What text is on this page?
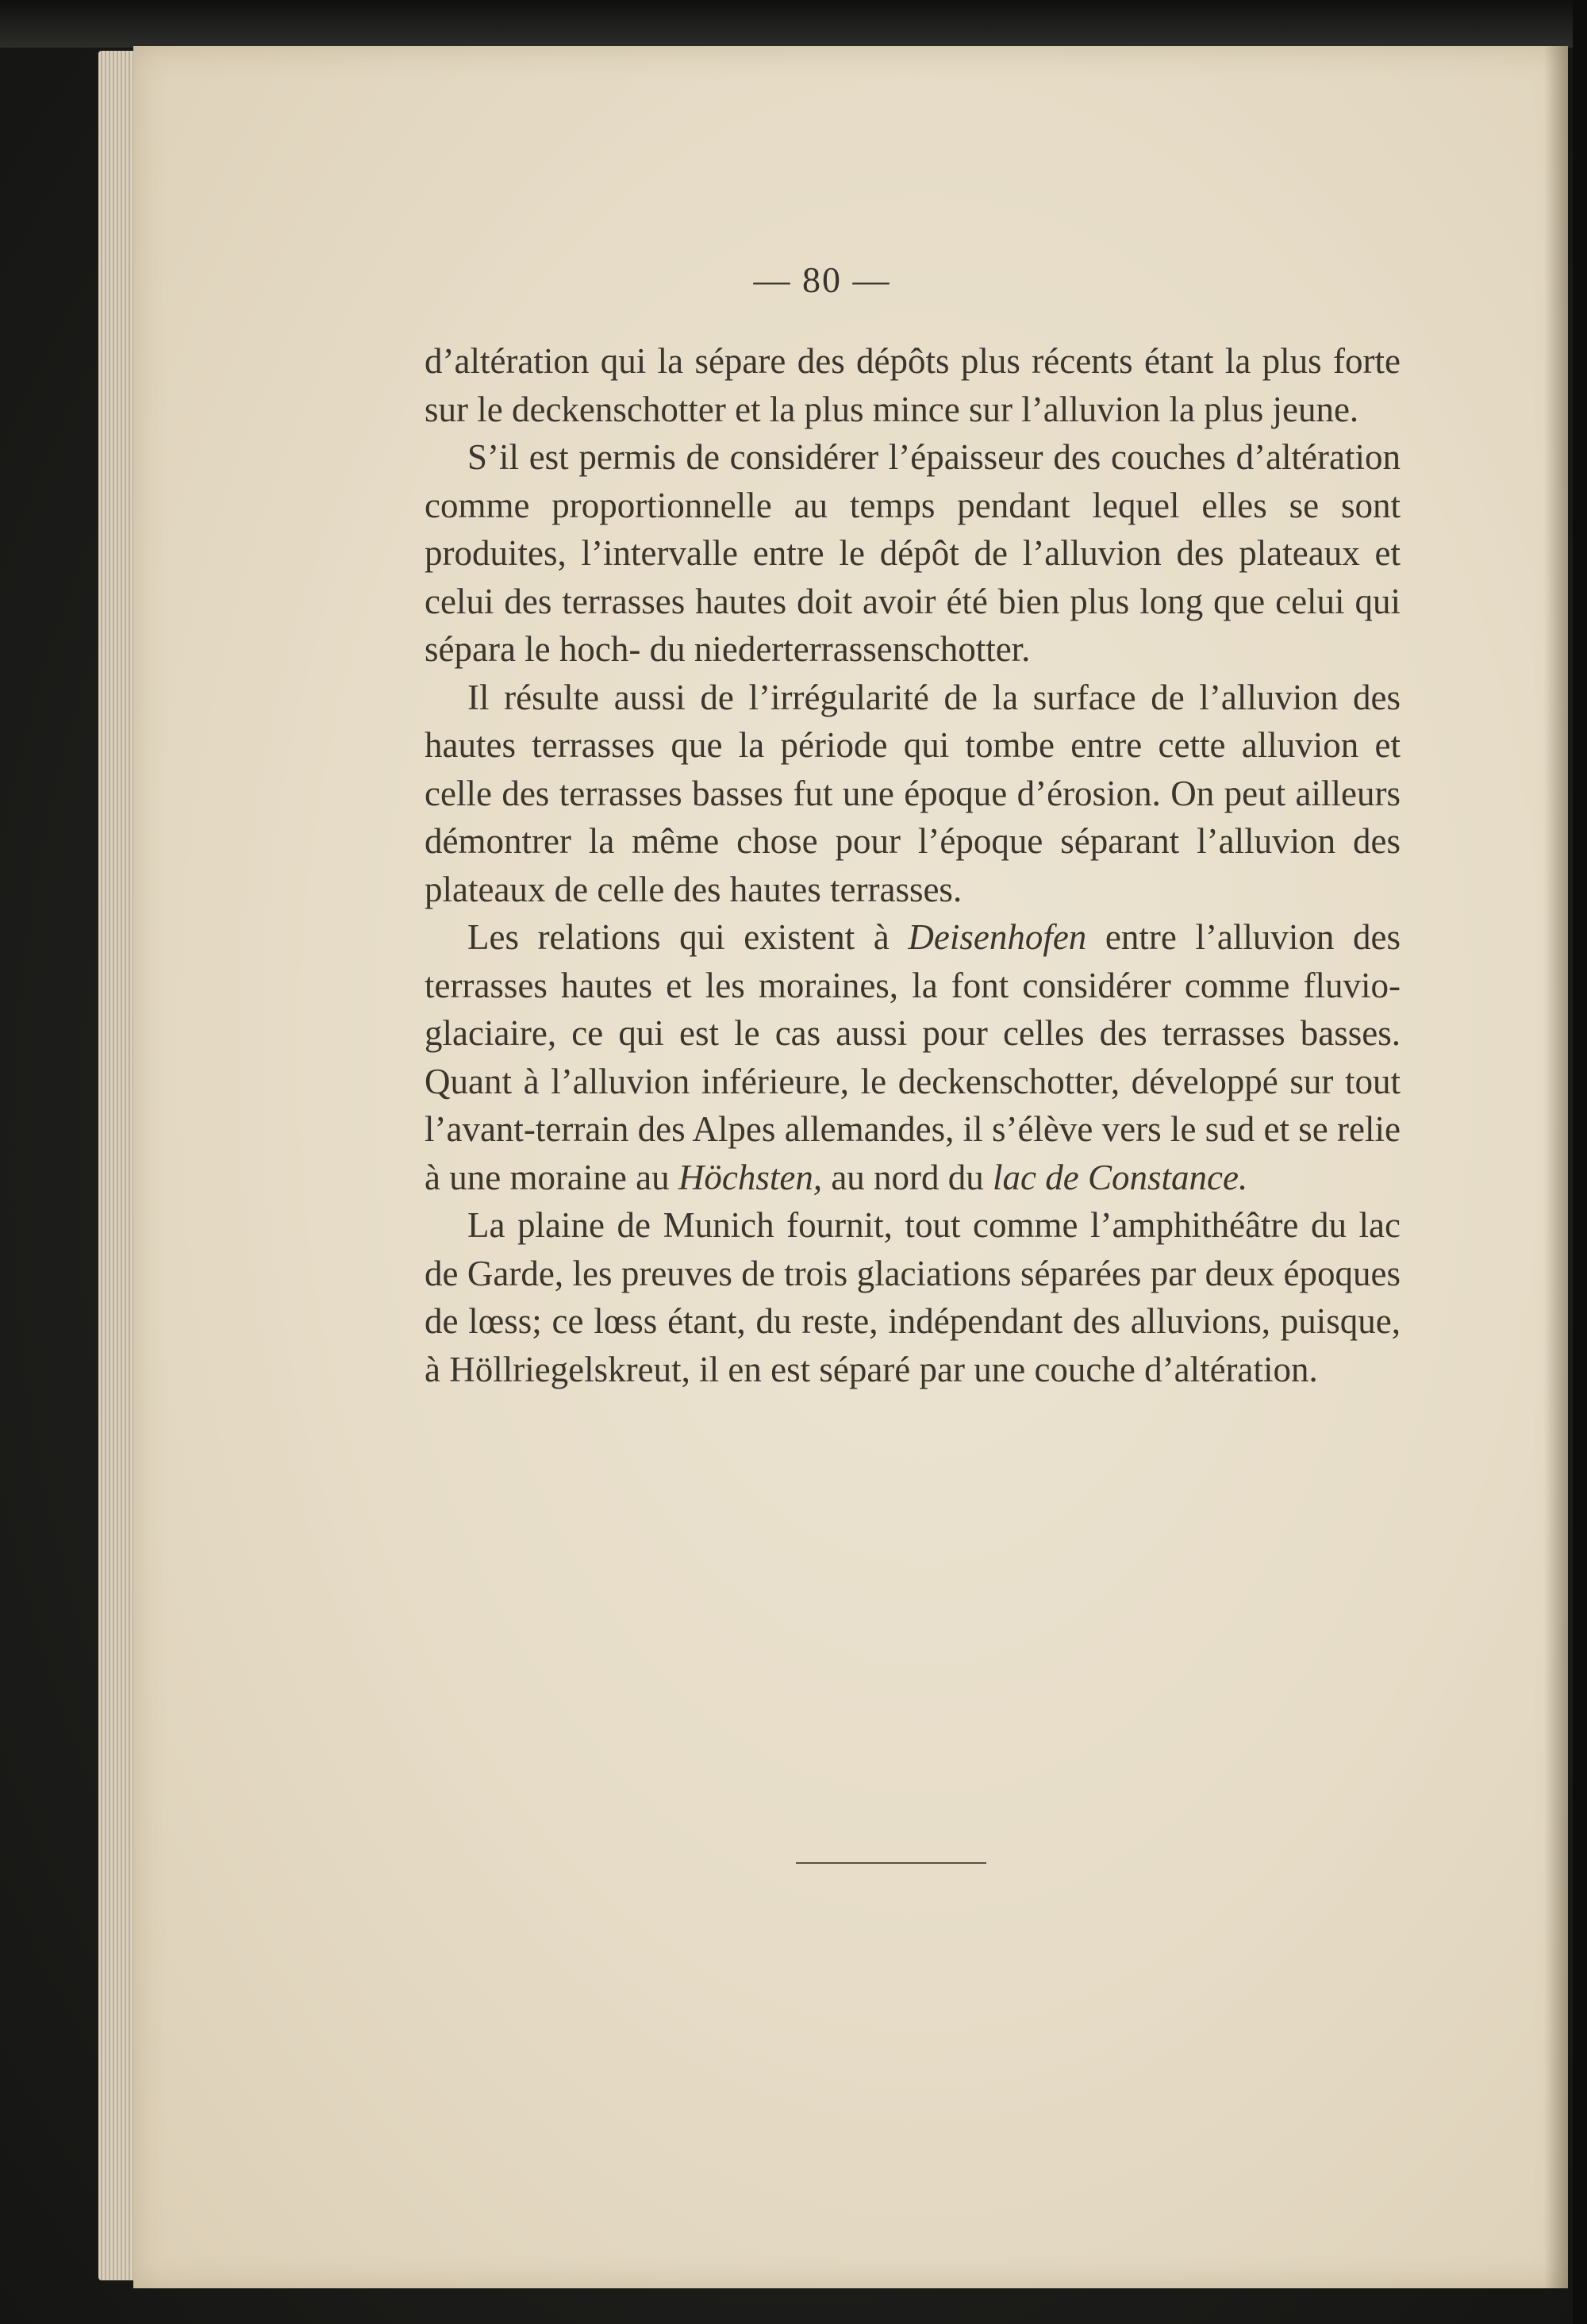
— 80 —

d’altération qui la sépare des dépôts plus récents étant la plus forte sur le deckenschotter et la plus mince sur l’alluvion la plus jeune.

S’il est permis de considérer l’épaisseur des couches d’altération comme proportionnelle au temps pendant lequel elles se sont produites, l’intervalle entre le dépôt de l’alluvion des plateaux et celui des terrasses hautes doit avoir été bien plus long que celui qui sépara le hoch- du niederterrassenschotter.

Il résulte aussi de l’irrégularité de la surface de l’alluvion des hautes terrasses que la période qui tombe entre cette alluvion et celle des terrasses basses fut une époque d’érosion. On peut ailleurs démontrer la même chose pour l’époque séparant l’alluvion des plateaux de celle des hautes terrasses.

Les relations qui existent à Deisenhofen entre l’alluvion des terrasses hautes et les moraines, la font considérer comme fluvio-glaciaire, ce qui est le cas aussi pour celles des terrasses basses. Quant à l’alluvion inférieure, le deckenschotter, développé sur tout l’avant-terrain des Alpes allemandes, il s’élève vers le sud et se relie à une moraine au Höchsten, au nord du lac de Constance.

La plaine de Munich fournit, tout comme l’amphithéâtre du lac de Garde, les preuves de trois glaciations séparées par deux époques de lœss; ce lœss étant, du reste, indépendant des alluvions, puisque, à Höllriegelskreut, il en est séparé par une couche d’altération.
